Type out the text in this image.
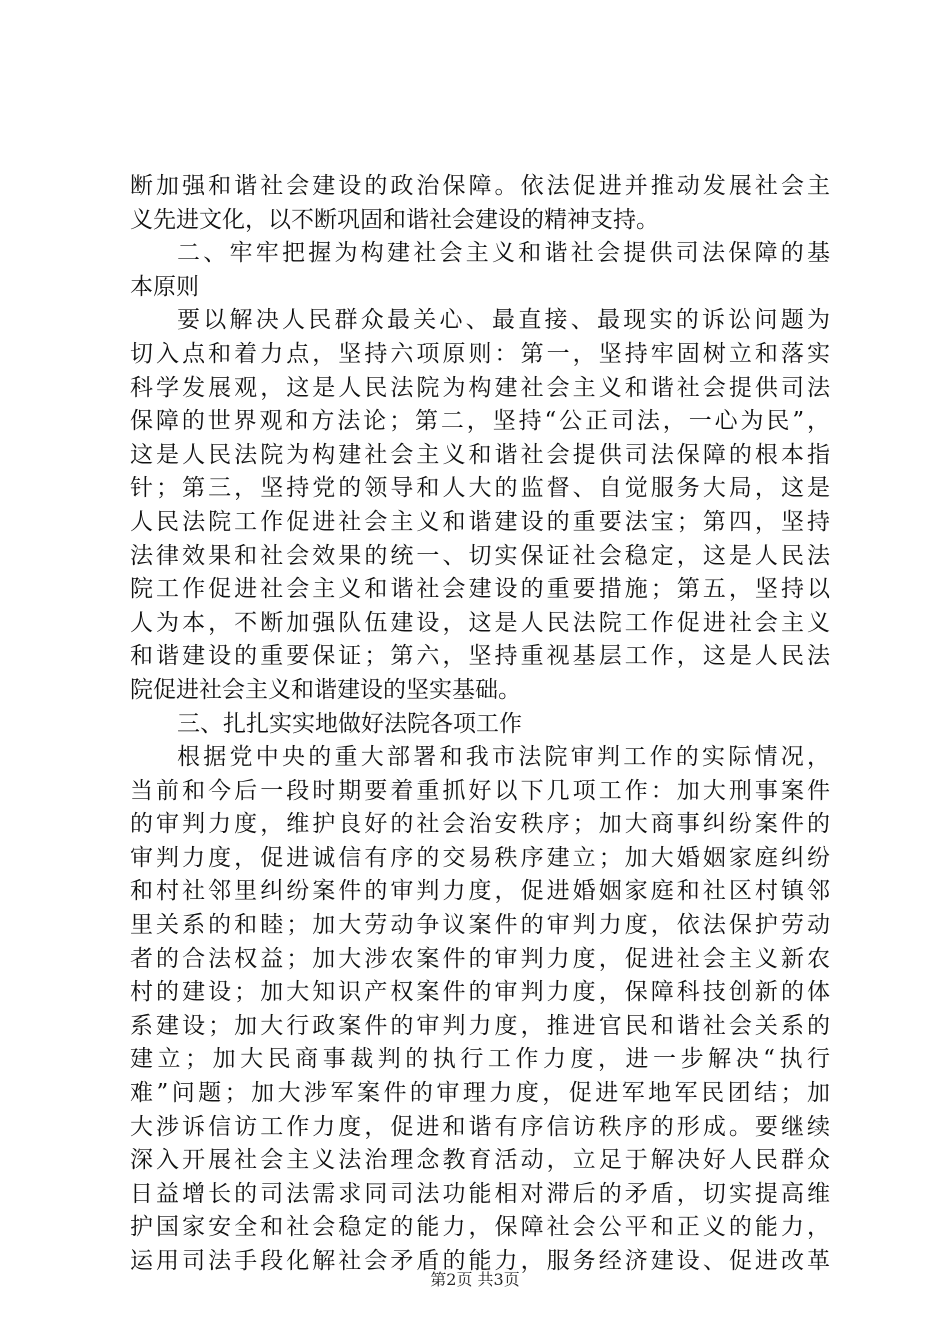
断加强和谐社会建设的政治保障。依法促进并推动发展社会主
义先进文化，以不断巩固和谐社会建设的精神支持。
二、牢牢把握为构建社会主义和谐社会提供司法保障的基
本原则
要以解决人民群众最关心、最直接、最现实的诉讼问题为
切入点和着力点，坚持六项原则：第一，坚持牢固树立和落实
科学发展观，这是人民法院为构建社会主义和谐社会提供司法
保障的世界观和方法论；第二，坚持“公正司法，一心为民”，
这是人民法院为构建社会主义和谐社会提供司法保障的根本指
针；第三，坚持党的领导和人大的监督、自觉服务大局，这是
人民法院工作促进社会主义和谐建设的重要法宝；第四，坚持
法律效果和社会效果的统一、切实保证社会稳定，这是人民法
院工作促进社会主义和谐社会建设的重要措施；第五，坚持以
人为本，不断加强队伍建设，这是人民法院工作促进社会主义
和谐建设的重要保证；第六，坚持重视基层工作，这是人民法
院促进社会主义和谐建设的坚实基础。
三、扎扎实实地做好法院各项工作
根据党中央的重大部署和我市法院审判工作的实际情况，
当前和今后一段时期要着重抓好以下几项工作：加大刑事案件
的审判力度，维护良好的社会治安秩序；加大商事纠纷案件的
审判力度，促进诚信有序的交易秩序建立；加大婚姻家庭纠纷
和村社邻里纠纷案件的审判力度，促进婚姻家庭和社区村镇邻
里关系的和睦；加大劳动争议案件的审判力度，依法保护劳动
者的合法权益；加大涉农案件的审判力度，促进社会主义新农
村的建设；加大知识产权案件的审判力度，保障科技创新的体
系建设；加大行政案件的审判力度，推进官民和谐社会关系的
建立；加大民商事裁判的执行工作力度，进一步解决“执行
难”问题；加大涉军案件的审理力度，促进军地军民团结；加
大涉诉信访工作力度，促进和谐有序信访秩序的形成。要继续
深入开展社会主义法治理念教育活动，立足于解决好人民群众
日益增长的司法需求同司法功能相对滞后的矛盾，切实提高维
护国家安全和社会稳定的能力，保障社会公平和正义的能力，
运用司法手段化解社会矛盾的能力，服务经济建设、促进改革
第2页 共3页
